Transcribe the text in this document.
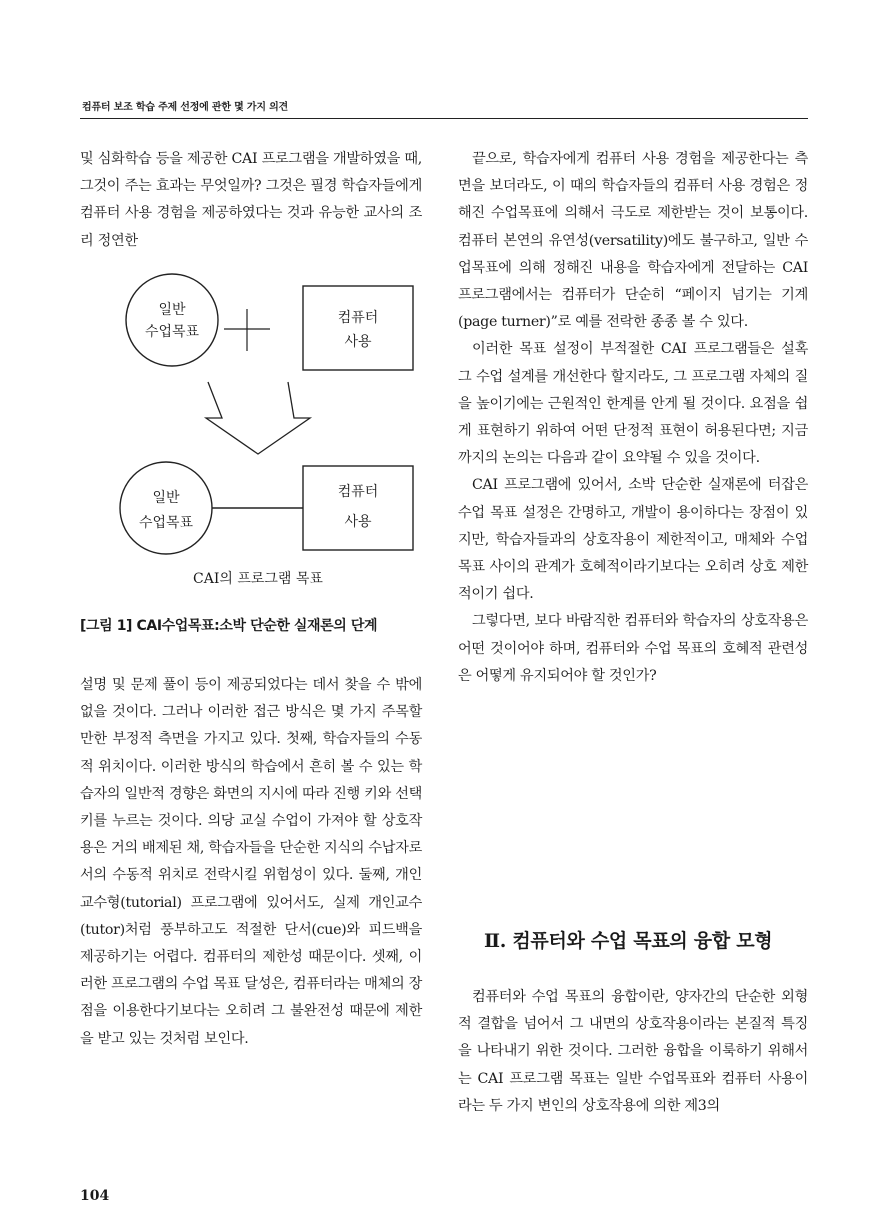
컴퓨터 보조 학습 주제 선정에 관한 몇 가지 의견

및 심화학습 등을 제공한 CAI 프로그램을 개발하였을 때, 그것이 주는 효과는 무엇일까? 그것은 필경 학습자들에게 컴퓨터 사용 경험을 제공하였다는 것과 유능한 교사의 조리 정연한

일반
수업목표
컴퓨터
사용
일반
수업목표
컴퓨터
사용
CAI의 프로그램 목표
[그림 1] CAI수업목표:소박 단순한 실재론의 단계

설명 및 문제 풀이 등이 제공되었다는 데서 찾을 수 밖에 없을 것이다. 그러나 이러한 접근 방식은 몇 가지 주목할 만한 부정적 측면을 가지고 있다. 첫째, 학습자들의 수동적 위치이다. 이러한 방식의 학습에서 흔히 볼 수 있는 학습자의 일반적 경향은 화면의 지시에 따라 진행 키와 선택 키를 누르는 것이다. 의당 교실 수업이 가져야 할 상호작용은 거의 배제된 채, 학습자들을 단순한 지식의 수납자로서의 수동적 위치로 전락시킬 위험성이 있다. 둘째, 개인 교수형(tutorial) 프로그램에 있어서도, 실제 개인교수(tutor)처럼 풍부하고도 적절한 단서(cue)와 피드백을 제공하기는 어렵다. 컴퓨터의 제한성 때문이다. 셋째, 이러한 프로그램의 수업 목표 달성은, 컴퓨터라는 매체의 장점을 이용한다기보다는 오히려 그 불완전성 때문에 제한을 받고 있는 것처럼 보인다.

끝으로, 학습자에게 컴퓨터 사용 경험을 제공한다는 측면을 보더라도, 이 때의 학습자들의 컴퓨터 사용 경험은 정해진 수업목표에 의해서 극도로 제한받는 것이 보통이다. 컴퓨터 본연의 유연성(versatility)에도 불구하고, 일반 수업목표에 의해 정해진 내용을 학습자에게 전달하는 CAI 프로그램에서는 컴퓨터가 단순히 “페이지 넘기는 기계(page turner)”로 예를 전락한 종종 볼 수 있다.

이러한 목표 설정이 부적절한 CAI 프로그램들은 설혹 그 수업 설계를 개선한다 할지라도, 그 프로그램 자체의 질을 높이기에는 근원적인 한계를 안게 될 것이다. 요점을 쉽게 표현하기 위하여 어떤 단정적 표현이 허용된다면; 지금까지의 논의는 다음과 같이 요약될 수 있을 것이다.

CAI 프로그램에 있어서, 소박 단순한 실재론에 터잡은 수업 목표 설정은 간명하고, 개발이 용이하다는 장점이 있지만, 학습자들과의 상호작용이 제한적이고, 매체와 수업 목표 사이의 관계가 호혜적이라기보다는 오히려 상호 제한적이기 쉽다.

그렇다면, 보다 바람직한 컴퓨터와 학습자의 상호작용은 어떤 것이어야 하며, 컴퓨터와 수업 목표의 호혜적 관련성은 어떻게 유지되어야 할 것인가?

Ⅱ. 컴퓨터와 수업 목표의 융합 모형

컴퓨터와 수업 목표의 융합이란, 양자간의 단순한 외형적 결합을 넘어서 그 내면의 상호작용이라는 본질적 특징을 나타내기 위한 것이다. 그러한 융합을 이룩하기 위해서는 CAI 프로그램 목표는 일반 수업목표와 컴퓨터 사용이라는 두 가지 변인의 상호작용에 의한 제3의

104
